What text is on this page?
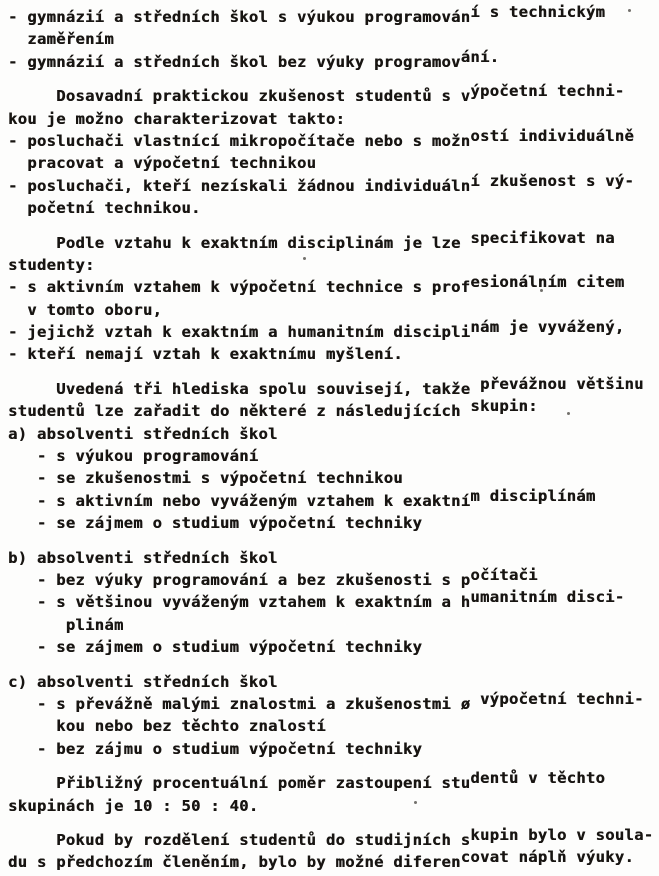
- gymnázií a středních škol s výukou programování s technickým
zaměřením
- gymnázií a středních škol bez výuky programování.
Dosavadní praktickou zkušenost studentů s výpočetní techni-
kou je možno charakterizovat takto:
- posluchači vlastnící mikropočítače nebo s možností individuálně
pracovat a výpočetní technikou
- posluchači, kteří nezískali žádnou individuální zkušenost s vý-
početní technikou.
Podle vztahu k exaktním disciplinám je lze specifikovat na
studenty:
- s aktivním vztahem k výpočetní technice s profesionálním citem
v tomto oboru,
- jejichž vztah k exaktním a humanitním disciplinám je vyvážený,
- kteří nemají vztah k exaktnímu myšlení.
Uvedená tři hlediska spolu souvisejí, takže převážnou většinu
studentů lze zařadit do některé z následujících skupin:
a) absolventi středních škol
- s výukou programování
- se zkušenostmi s výpočetní technikou
- s aktivním nebo vyváženým vztahem k exaktním disciplínám
- se zájmem o studium výpočetní techniky
b) absolventi středních škol
- bez výuky programování a bez zkušenosti s počítači
- s většinou vyváženým vztahem k exaktním a humanitním disci-
plinám
- se zájmem o studium výpočetní techniky
c) absolventi středních škol
- s převážně malými znalostmi a zkušenostmi ø výpočetní techni-
kou nebo bez těchto znalostí
- bez zájmu o studium výpočetní techniky
Přibližný procentuální poměr zastoupení studentů v těchto
skupinách je 10 : 50 : 40.
Pokud by rozdělení studentů do studijních skupin bylo v soula-
du s předchozím členěním, bylo by možné diferencovat náplň výuky.
